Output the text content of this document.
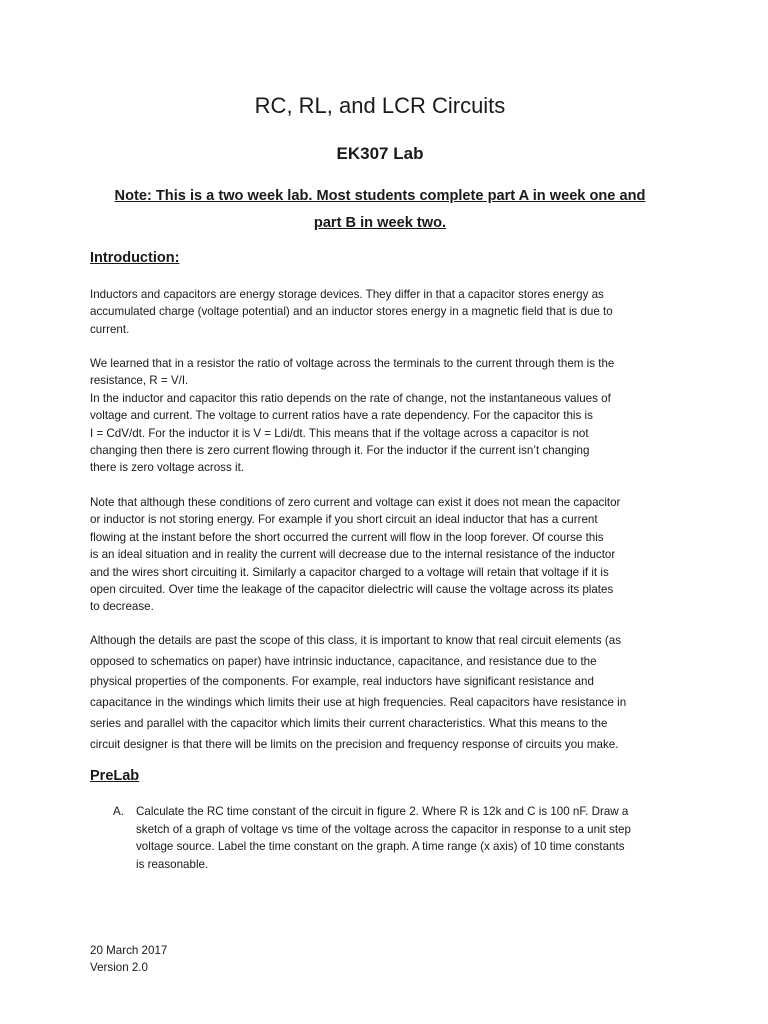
RC, RL, and LCR Circuits
EK307 Lab

Note: This is a two week lab. Most students complete part A in week one and
part B in week two.

Introduction:

Inductors and capacitors are energy storage devices. They differ in that a capacitor stores energy as
accumulated charge (voltage potential) and an inductor stores energy in a magnetic field that is due to
current.

We learned that in a resistor the ratio of voltage across the terminals to the current through them is the
resistance, R = V/I.
In the inductor and capacitor this ratio depends on the rate of change, not the instantaneous values of
voltage and current. The voltage to current ratios have a rate dependency. For the capacitor this is
I = CdV/dt. For the inductor it is V = Ldi/dt. This means that if the voltage across a capacitor is not
changing then there is zero current flowing through it. For the inductor if the current isn’t changing
there is zero voltage across it.

Note that although these conditions of zero current and voltage can exist it does not mean the capacitor
or inductor is not storing energy. For example if you short circuit an ideal inductor that has a current
flowing at the instant before the short occurred the current will flow in the loop forever. Of course this
is an ideal situation and in reality the current will decrease due to the internal resistance of the inductor
and the wires short circuiting it. Similarly a capacitor charged to a voltage will retain that voltage if it is
open circuited. Over time the leakage of the capacitor dielectric will cause the voltage across its plates
to decrease.

Although the details are past the scope of this class, it is important to know that real circuit elements (as
opposed to schematics on paper) have intrinsic inductance, capacitance, and resistance due to the
physical properties of the components. For example, real inductors have significant resistance and
capacitance in the windings which limits their use at high frequencies. Real capacitors have resistance in
series and parallel with the capacitor which limits their current characteristics. What this means to the
circuit designer is that there will be limits on the precision and frequency response of circuits you make.

PreLab
A. Calculate the RC time constant of the circuit in figure 2. Where R is 12k and C is 100 nF. Draw a
sketch of a graph of voltage vs time of the voltage across the capacitor in response to a unit step
voltage source. Label the time constant on the graph. A time range (x axis) of 10 time constants
is reasonable.

20 March 2017
Version 2.0
